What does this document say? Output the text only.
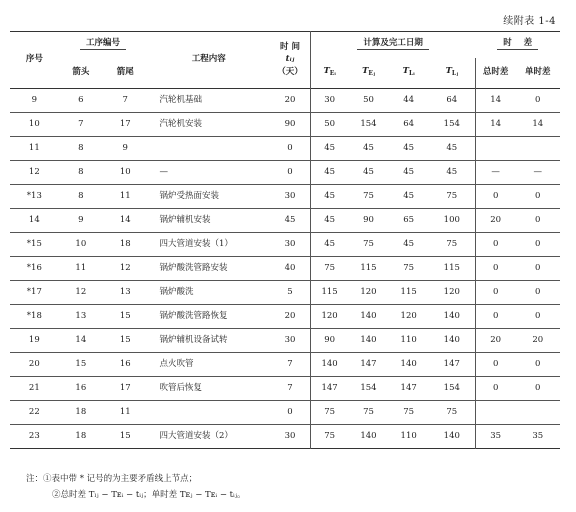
续附表 1-4
序号	工序编号		工程内容	时 间
tᵢⱼ
（天）	计算及完工日期				时    差	
	箭头	箭尾			$T_{Eᵢ}$	$T_{Eⱼ}$	$T_{Lᵢ}$	$T_{Lⱼ}$	总时差	单时差
9	6	7	汽轮机基础	20	30	50	44	64	14	0
10	7	17	汽轮机安装	90	50	154	64	154	14	14
11	8	9		0	45	45	45	45		
12	8	10	—	0	45	45	45	45	—	—
*13	8	11	锅炉受热面安装	30	45	75	45	75	0	0
14	9	14	锅炉辅机安装	45	45	90	65	100	20	0
*15	10	18	四大管道安装（1）	30	45	75	45	75	0	0
*16	11	12	锅炉酸洗管路安装	40	75	115	75	115	0	0
*17	12	13	锅炉酸洗	5	115	120	115	120	0	0
*18	13	15	锅炉酸洗管路恢复	20	120	140	120	140	0	0
19	14	15	锅炉辅机设备试转	30	90	140	110	140	20	20
20	15	16	点火吹管	7	140	147	140	147	0	0
21	16	17	吹管后恢复	7	147	154	147	154	0	0
22	18	11		0	75	75	75	75		
23	18	15	四大管道安装（2）	30	75	140	110	140	35	35
注：①表中带 * 记号的为主要矛盾线上节点；
②总时差 Tₗⱼ − Tᴇᵢ − tᵢⱼ；单时差 Tᴇⱼ − Tᴇᵢ − tᵢⱼ。
